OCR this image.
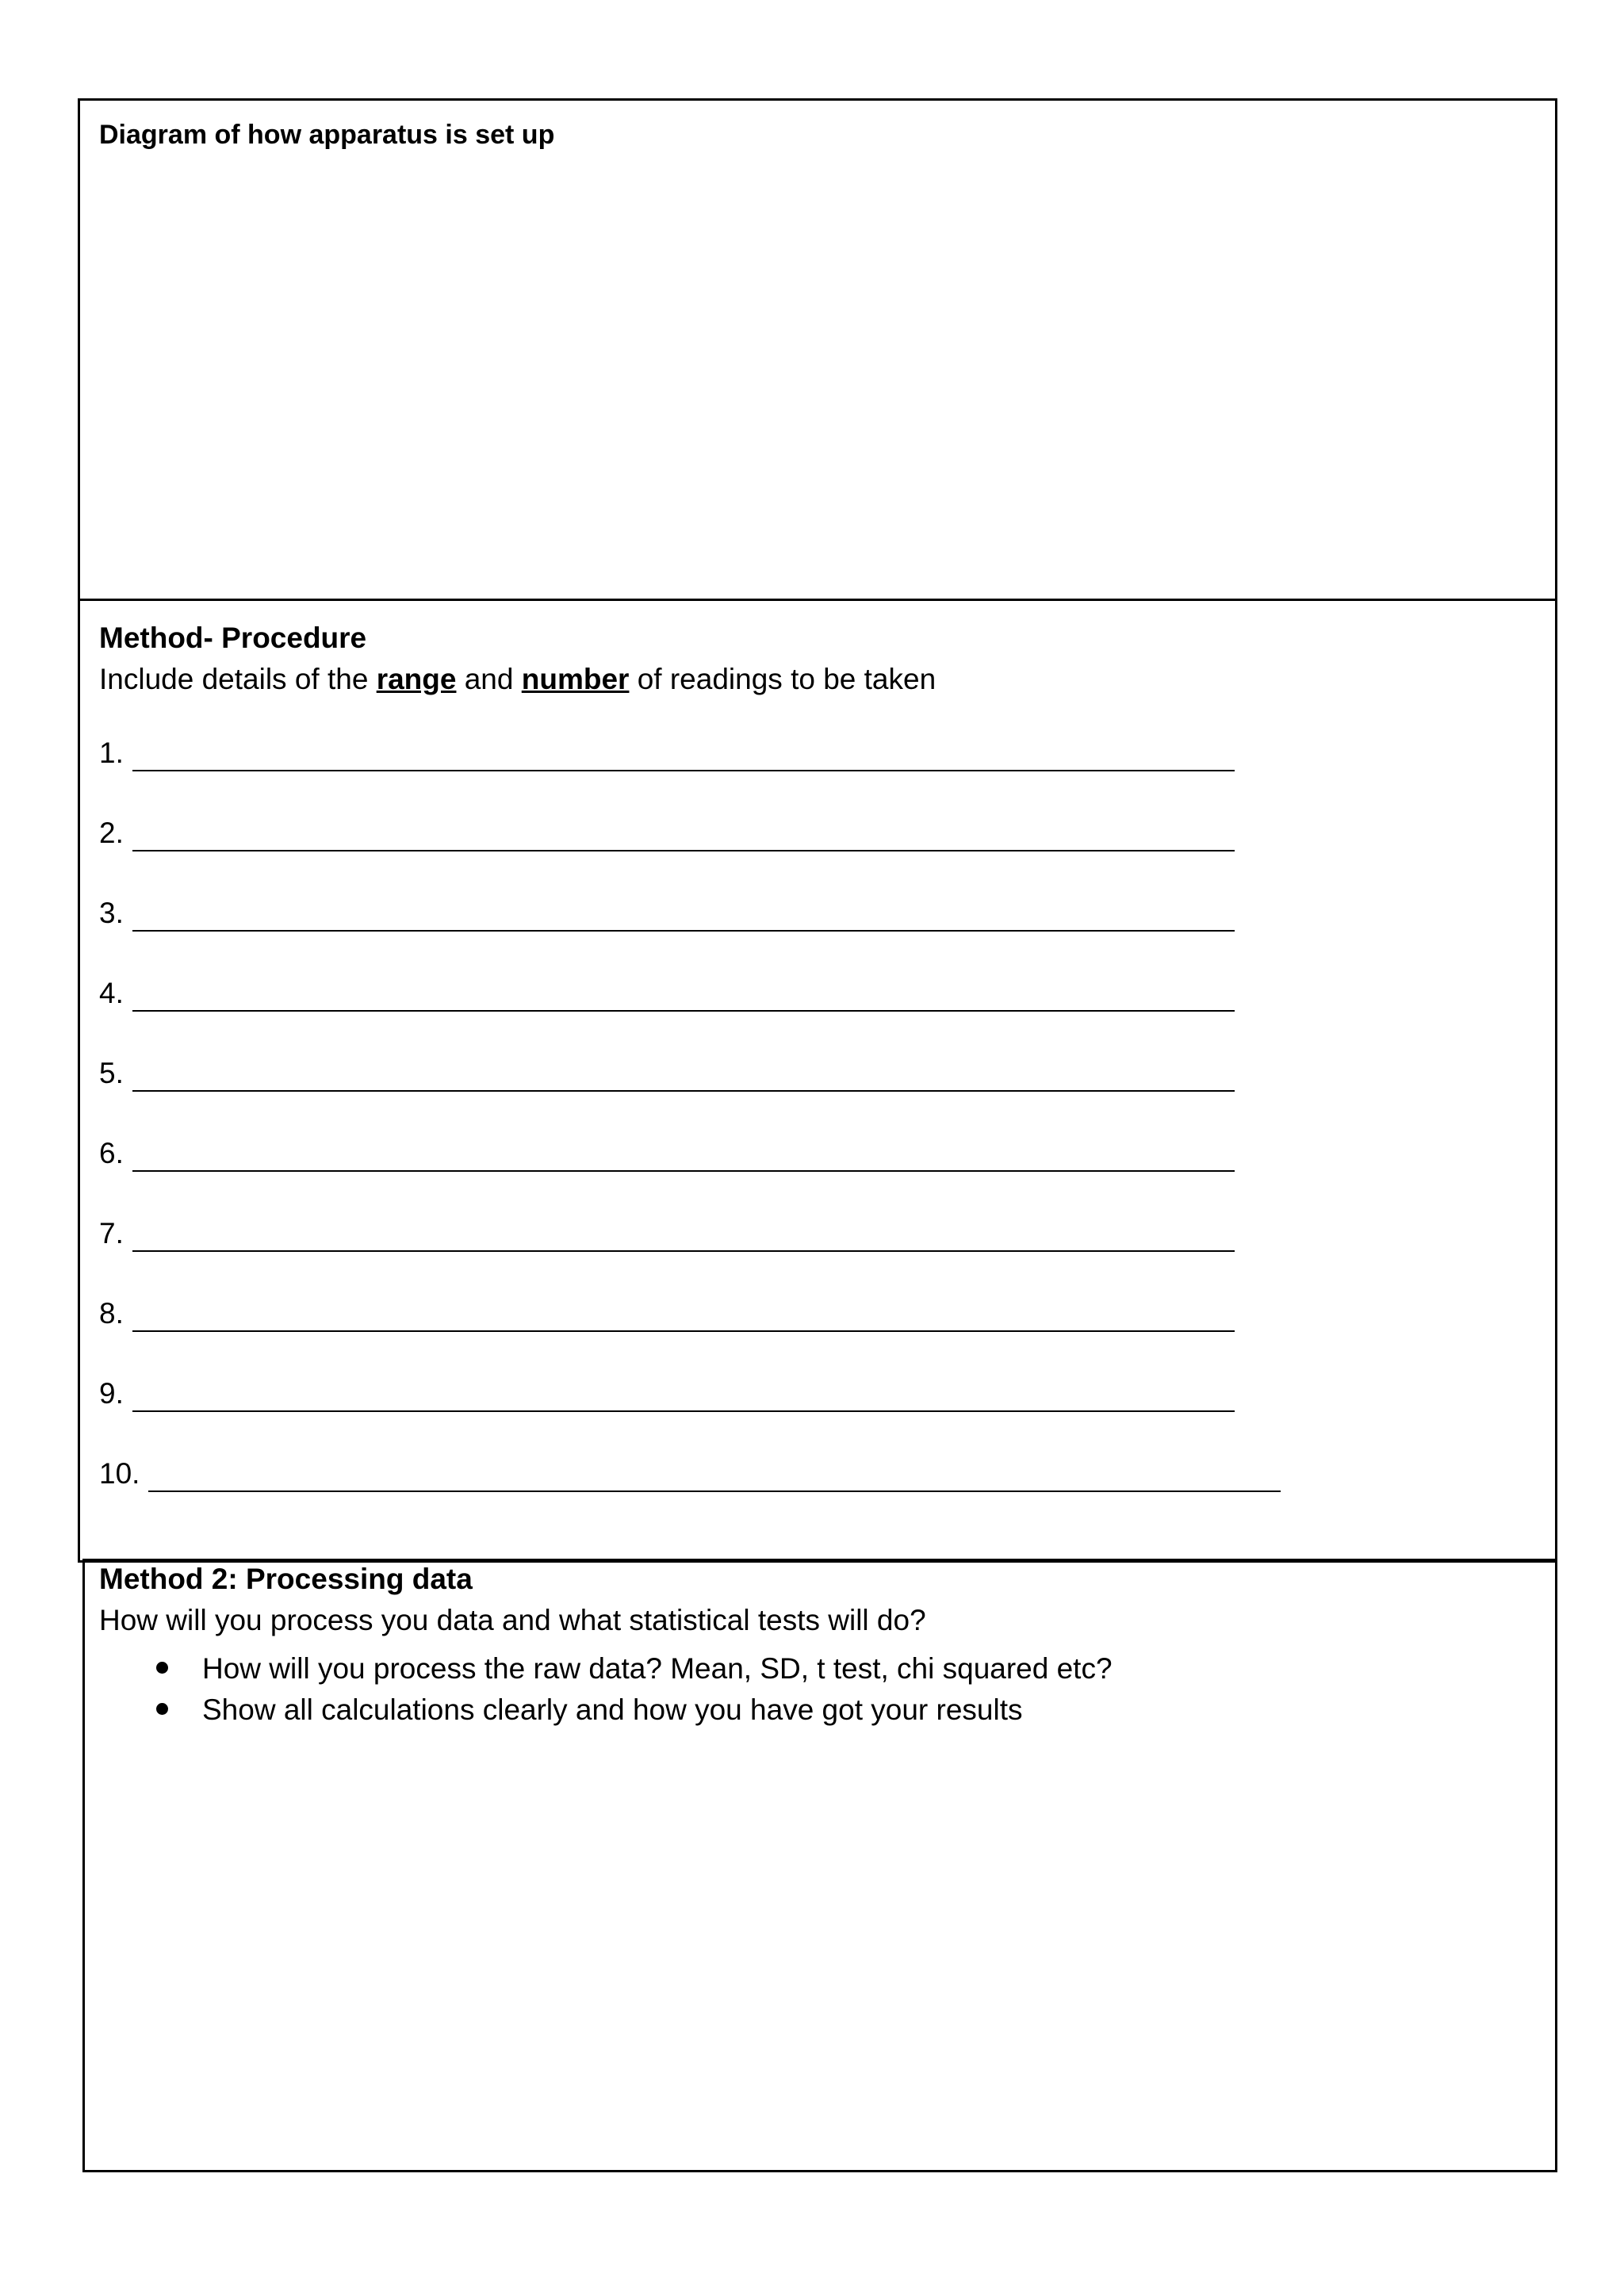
Diagram of how apparatus is set up
Method- Procedure
Include details of the range and number of readings to be taken
1.
2.
3.
4.
5.
6.
7.
8.
9.
10.
Method 2: Processing data
How will you process you data and what statistical tests will do?
How will you process the raw data? Mean, SD, t test, chi squared etc?
Show all calculations clearly and how you have got your results
